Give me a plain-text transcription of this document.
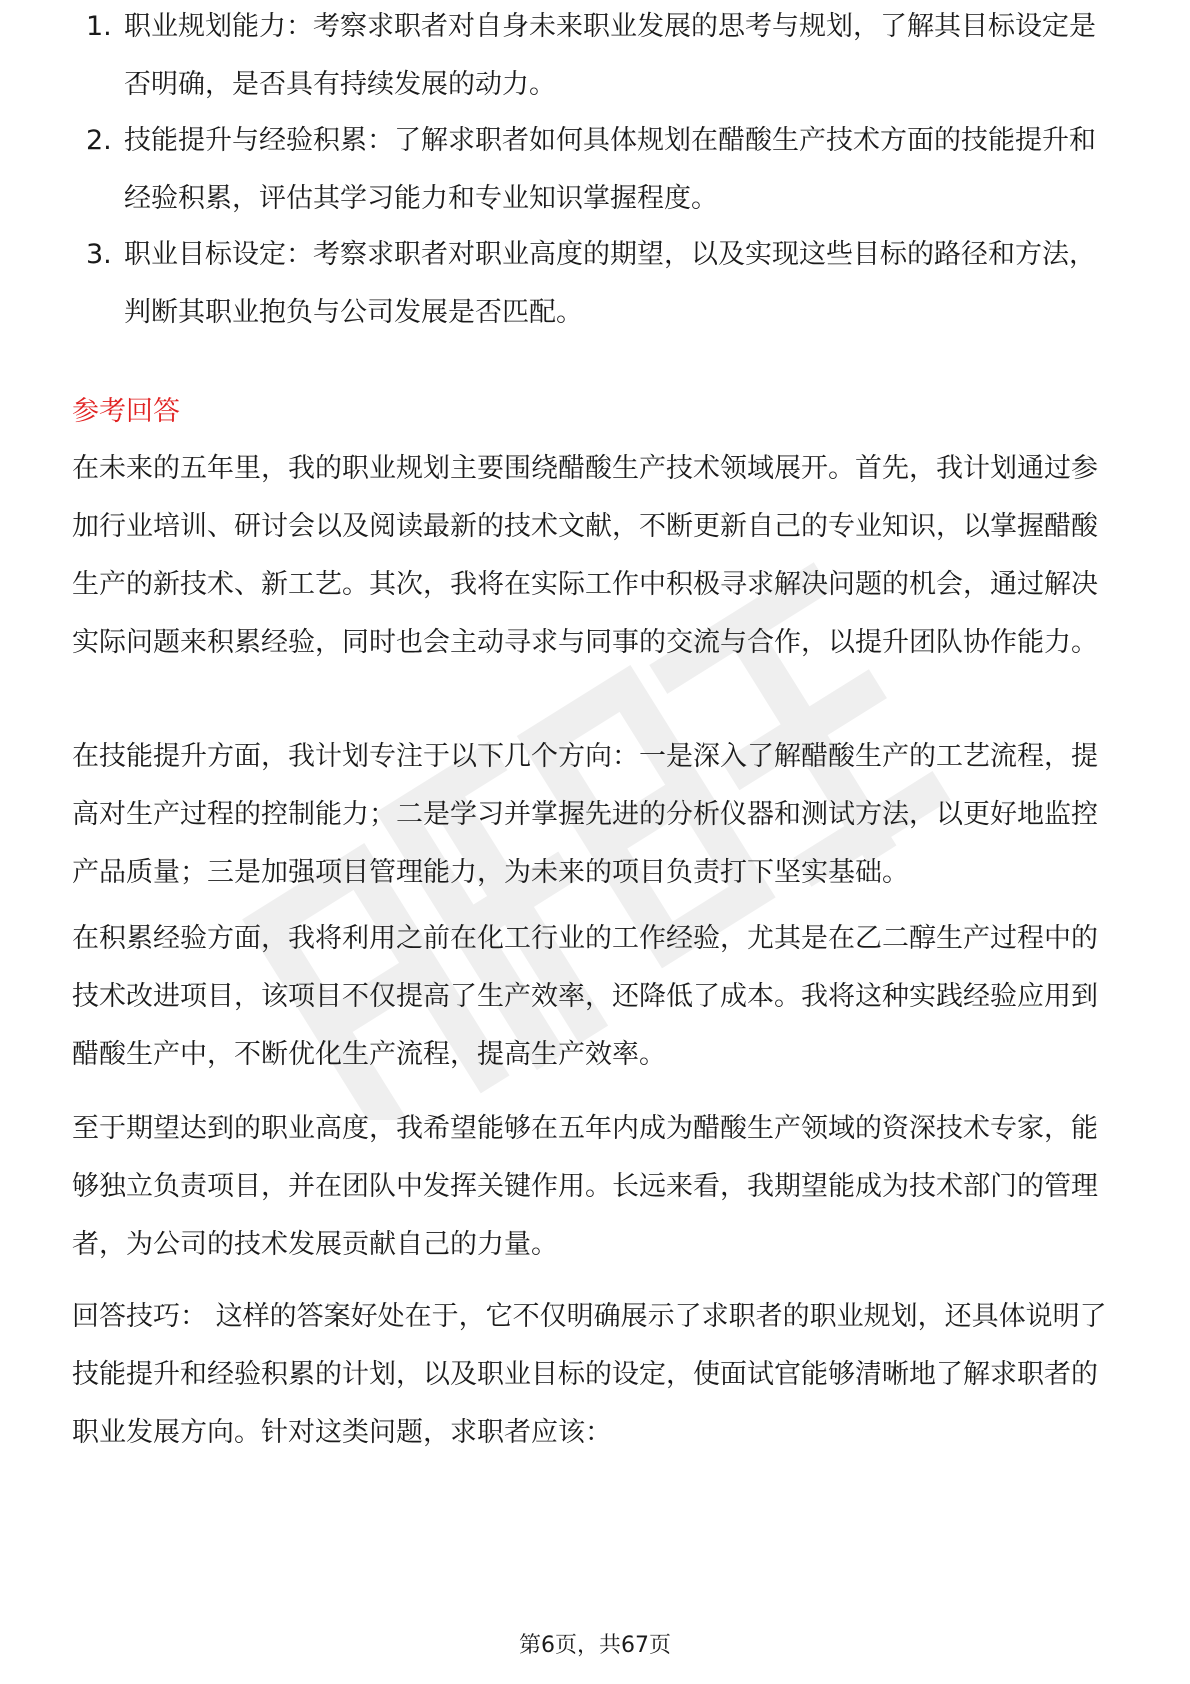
1. 职业规划能力：考察求职者对自身未来职业发展的思考与规划，了解其目标设定是否明确，是否具有持续发展的动力。
2. 技能提升与经验积累：了解求职者如何具体规划在醋酸生产技术方面的技能提升和经验积累，评估其学习能力和专业知识掌握程度。
3. 职业目标设定：考察求职者对职业高度的期望，以及实现这些目标的路径和方法，判断其职业抱负与公司发展是否匹配。
参考回答

在未来的五年里，我的职业规划主要围绕醋酸生产技术领域展开。首先，我计划通过参加行业培训、研讨会以及阅读最新的技术文献，不断更新自己的专业知识，以掌握醋酸生产的新技术、新工艺。其次，我将在实际工作中积极寻求解决问题的机会，通过解决实际问题来积累经验，同时也会主动寻求与同事的交流与合作，以提升团队协作能力。

在技能提升方面，我计划专注于以下几个方向：一是深入了解醋酸生产的工艺流程，提高对生产过程的控制能力；二是学习并掌握先进的分析仪器和测试方法，以更好地监控产品质量；三是加强项目管理能力，为未来的项目负责打下坚实基础。

在积累经验方面，我将利用之前在化工行业的工作经验，尤其是在乙二醇生产过程中的技术改进项目，该项目不仅提高了生产效率，还降低了成本。我将这种实践经验应用到醋酸生产中，不断优化生产流程，提高生产效率。

至于期望达到的职业高度，我希望能够在五年内成为醋酸生产领域的资深技术专家，能够独立负责项目，并在团队中发挥关键作用。长远来看，我期望能成为技术部门的管理者，为公司的技术发展贡献自己的力量。

回答技巧： 这样的答案好处在于，它不仅明确展示了求职者的职业规划，还具体说明了技能提升和经验积累的计划，以及职业目标的设定，使面试官能够清晰地了解求职者的职业发展方向。针对这类问题，求职者应该：

第6页，共67页
